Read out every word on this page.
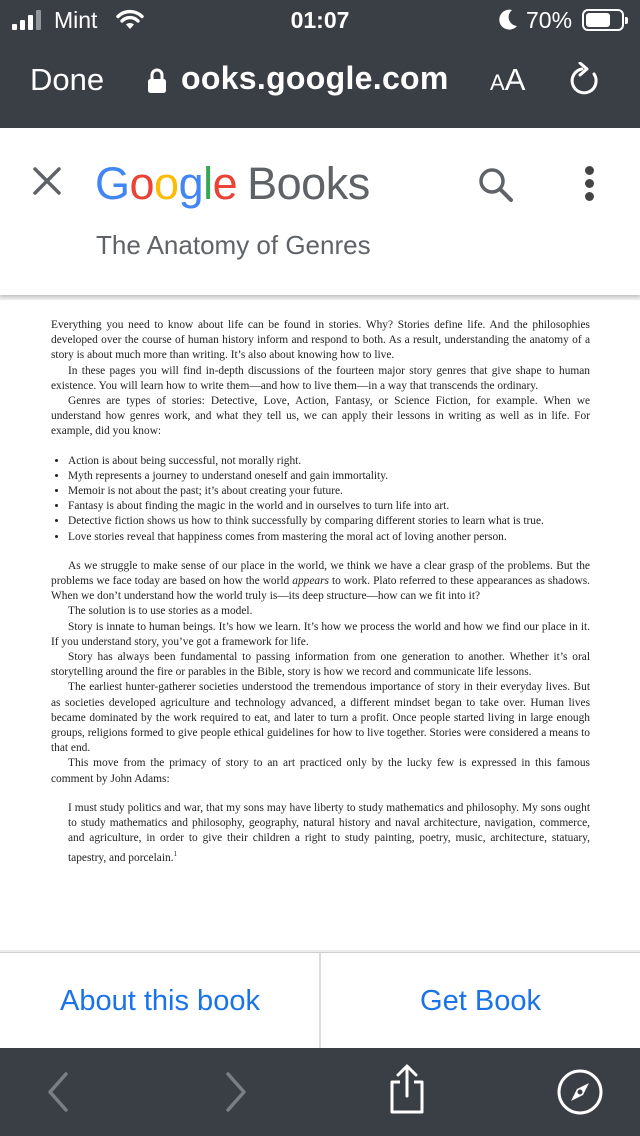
Mint	01:07	70%
Done ooks.google.com AA
Google Books
The Anatomy of Genres

Everything you need to know about life can be found in stories. Why? Stories define life. And the philosophies developed over the course of human history inform and respond to both. As a result, understanding the anatomy of a story is about much more than writing. It’s also about knowing how to live.

In these pages you will find in-depth discussions of the fourteen major story genres that give shape to human existence. You will learn how to write them—and how to live them—in a way that transcends the ordinary.

Genres are types of stories: Detective, Love, Action, Fantasy, or Science Fiction, for example. When we understand how genres work, and what they tell us, we can apply their lessons in writing as well as in life. For example, did you know:

• Action is about being successful, not morally right.
• Myth represents a journey to understand oneself and gain immortality.
• Memoir is not about the past; it’s about creating your future.
• Fantasy is about finding the magic in the world and in ourselves to turn life into art.
• Detective fiction shows us how to think successfully by comparing different stories to learn what is true.
• Love stories reveal that happiness comes from mastering the moral act of loving another person.

As we struggle to make sense of our place in the world, we think we have a clear grasp of the problems. But the problems we face today are based on how the world appears to work. Plato referred to these appearances as shadows. When we don’t understand how the world truly is—its deep structure—how can we fit into it?

The solution is to use stories as a model.

Story is innate to human beings. It’s how we learn. It’s how we process the world and how we find our place in it. If you understand story, you’ve got a framework for life.

Story has always been fundamental to passing information from one generation to another. Whether it’s oral storytelling around the fire or parables in the Bible, story is how we record and communicate life lessons.

The earliest hunter-gatherer societies understood the tremendous importance of story in their everyday lives. But as societies developed agriculture and technology advanced, a different mindset began to take over. Human lives became dominated by the work required to eat, and later to turn a profit. Once people started living in large enough groups, religions formed to give people ethical guidelines for how to live together. Stories were considered a means to that end.

This move from the primacy of story to an art practiced only by the lucky few is expressed in this famous comment by John Adams:

I must study politics and war, that my sons may have liberty to study mathematics and philosophy. My sons ought to study mathematics and philosophy, geography, natural history and naval architecture, navigation, commerce, and agriculture, in order to give their children a right to study painting, poetry, music, architecture, statuary, tapestry, and porcelain.$^1$
About this book	Get Book
